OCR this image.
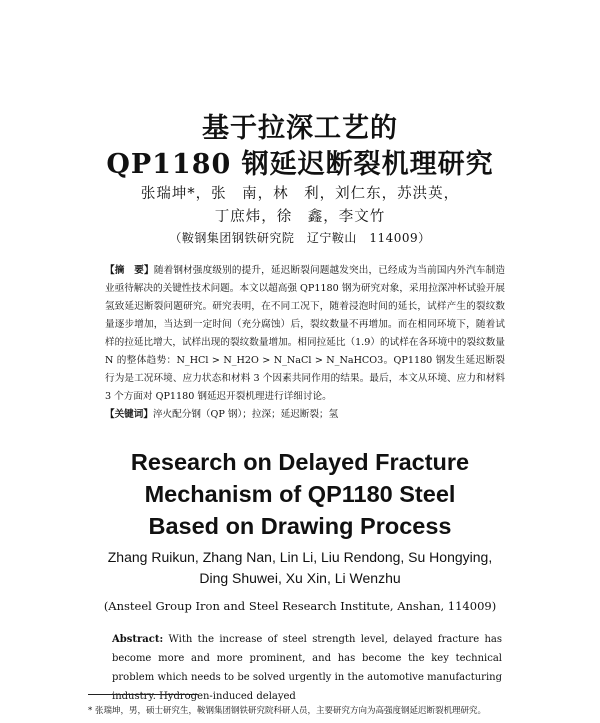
基于拉深工艺的
QP1180 钢延迟断裂机理研究
张瑞坤*，张　南，林　利，刘仁东，苏洪英，
丁庶炜，徐　鑫，李文竹
（鞍钢集团钢铁研究院　辽宁鞍山　114009）

【摘　要】随着钢材强度级别的提升，延迟断裂问题越发突出，已经成为当前国内外汽车制造业亟待解决的关键性技术问题。本文以超高强 QP1180 钢为研究对象，采用拉深冲杯试验开展氢致延迟断裂问题研究。研究表明，在不同工况下，随着浸泡时间的延长，试样产生的裂纹数量逐步增加，当达到一定时间（充分腐蚀）后，裂纹数量不再增加。而在相同环境下，随着试样的拉延比增大，试样出现的裂纹数量增加。相同拉延比（1.9）的试样在各环境中的裂纹数量 N 的整体趋势：N_HCl > N_H2O > N_NaCl > N_NaHCO3。QP1180 钢发生延迟断裂行为是工况环境、应力状态和材料 3 个因素共同作用的结果。最后，本文从环境、应力和材料 3 个方面对 QP1180 钢延迟开裂机理进行详细讨论。

【关键词】淬火配分钢（QP 钢）；拉深；延迟断裂；氢

Research on Delayed Fracture
Mechanism of QP1180 Steel
Based on Drawing Process
Zhang Ruikun, Zhang Nan, Lin Li, Liu Rendong, Su Hongying,
Ding Shuwei, Xu Xin, Li Wenzhu
(Ansteel Group Iron and Steel Research Institute, Anshan, 114009)
Abstract: With the increase of steel strength level, delayed fracture has become more and more prominent, and has become the key technical problem which needs to be solved urgently in the automotive manufacturing industry. Hydrogen-induced delayed
* 张瑞坤，男，硕士研究生，鞍钢集团钢铁研究院科研人员，主要研究方向为高强度钢延迟断裂机理研究。
